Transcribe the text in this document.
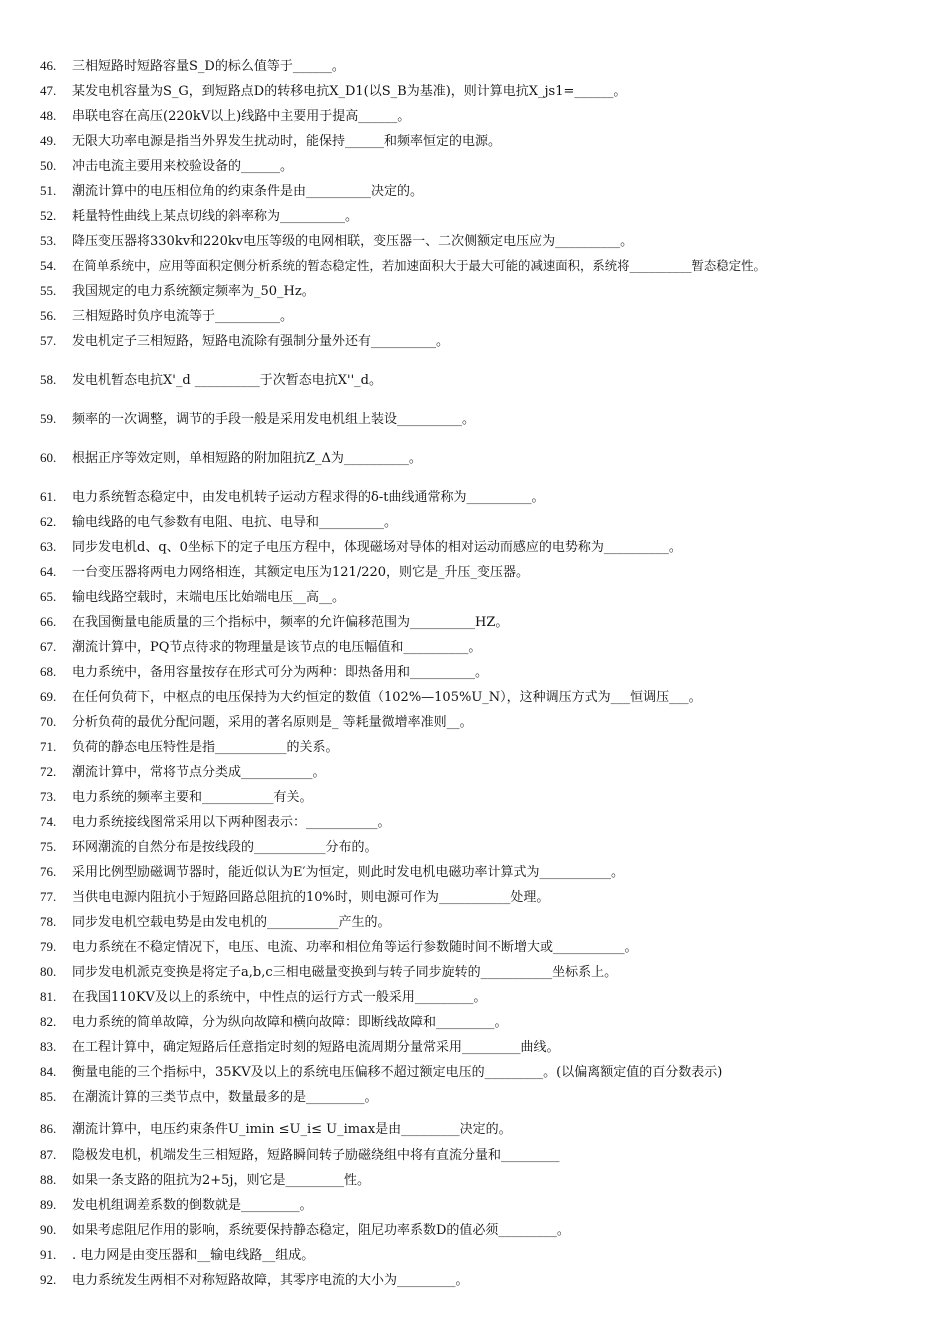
46.	三相短路时短路容量S_D的标么值等于______。
47.	某发电机容量为S_G，到短路点D的转移电抗X_D1(以S_B为基准)，则计算电抗X_js1=______。
48.	串联电容在高压(220kV以上)线路中主要用于提高______。
49.	无限大功率电源是指当外界发生扰动时，能保持______和频率恒定的电源。
50.	冲击电流主要用来校验设备的______。
51.	潮流计算中的电压相位角的约束条件是由__________决定的。
52.	耗量特性曲线上某点切线的斜率称为__________。
53.	降压变压器将330kv和220kv电压等级的电网相联，变压器一、二次侧额定电压应为__________。
54.	在简单系统中，应用等面积定侧分析系统的暂态稳定性，若加速面积大于最大可能的减速面积，系统将__________暂态稳定性。
55.	我国规定的电力系统额定频率为_50_Hz。
56.	三相短路时负序电流等于__________。
57.	发电机定子三相短路，短路电流除有强制分量外还有__________。
58.	发电机暂态电抗X'_d __________于次暂态电抗X''_d。
59.	频率的一次调整，调节的手段一般是采用发电机组上装设__________。
60.	根据正序等效定则，单相短路的附加阻抗Z_Δ为__________。
61.	电力系统暂态稳定中，由发电机转子运动方程求得的δ-t曲线通常称为__________。
62.	输电线路的电气参数有电阻、电抗、电导和__________。
63.	同步发电机d、q、0坐标下的定子电压方程中，体现磁场对导体的相对运动而感应的电势称为__________。
64.	一台变压器将两电力网络相连，其额定电压为121/220，则它是_升压_变压器。
65.	输电线路空载时，末端电压比始端电压__高__。
66.	在我国衡量电能质量的三个指标中，频率的允许偏移范围为__________HZ。
67.	潮流计算中，PQ节点待求的物理量是该节点的电压幅值和__________。
68.	电力系统中，备用容量按存在形式可分为两种：即热备用和__________。
69.	在任何负荷下，中枢点的电压保持为大约恒定的数值（102%—105%U_N），这种调压方式为___恒调压___。
70.	分析负荷的最优分配问题，采用的著名原则是_ 等耗量微增率准则__。
71.	负荷的静态电压特性是指___________的关系。
72.	潮流计算中，常将节点分类成___________。
73.	电力系统的频率主要和___________有关。
74.	电力系统接线图常采用以下两种图表示：___________。
75.	环网潮流的自然分布是按线段的___________分布的。
76.	采用比例型励磁调节器时，能近似认为E′为恒定，则此时发电机电磁功率计算式为___________。
77.	当供电电源内阻抗小于短路回路总阻抗的10%时，则电源可作为___________处理。
78.	同步发电机空载电势是由发电机的___________产生的。
79.	电力系统在不稳定情况下，电压、电流、功率和相位角等运行参数随时间不断增大或___________。
80.	同步发电机派克变换是将定子a,b,c三相电磁量变换到与转子同步旋转的___________坐标系上。
81.	在我国110KV及以上的系统中，中性点的运行方式一般采用_________。
82.	电力系统的简单故障，分为纵向故障和横向故障：即断线故障和_________。
83.	在工程计算中，确定短路后任意指定时刻的短路电流周期分量常采用_________曲线。
84.	衡量电能的三个指标中，35KV及以上的系统电压偏移不超过额定电压的_________。(以偏离额定值的百分数表示)
85.	在潮流计算的三类节点中，数量最多的是_________。
86.	潮流计算中，电压约束条件U_imin ≤U_i≤ U_imax是由_________决定的。
87.	隐极发电机，机端发生三相短路，短路瞬间转子励磁绕组中将有直流分量和_________
88.	如果一条支路的阻抗为2+5j，则它是_________性。
89.	发电机组调差系数的倒数就是_________。
90.	如果考虑阻尼作用的影响，系统要保持静态稳定，阻尼功率系数D的值必须_________。
91.	. 电力网是由变压器和__输电线路__组成。
92.	电力系统发生两相不对称短路故障，其零序电流的大小为_________。
